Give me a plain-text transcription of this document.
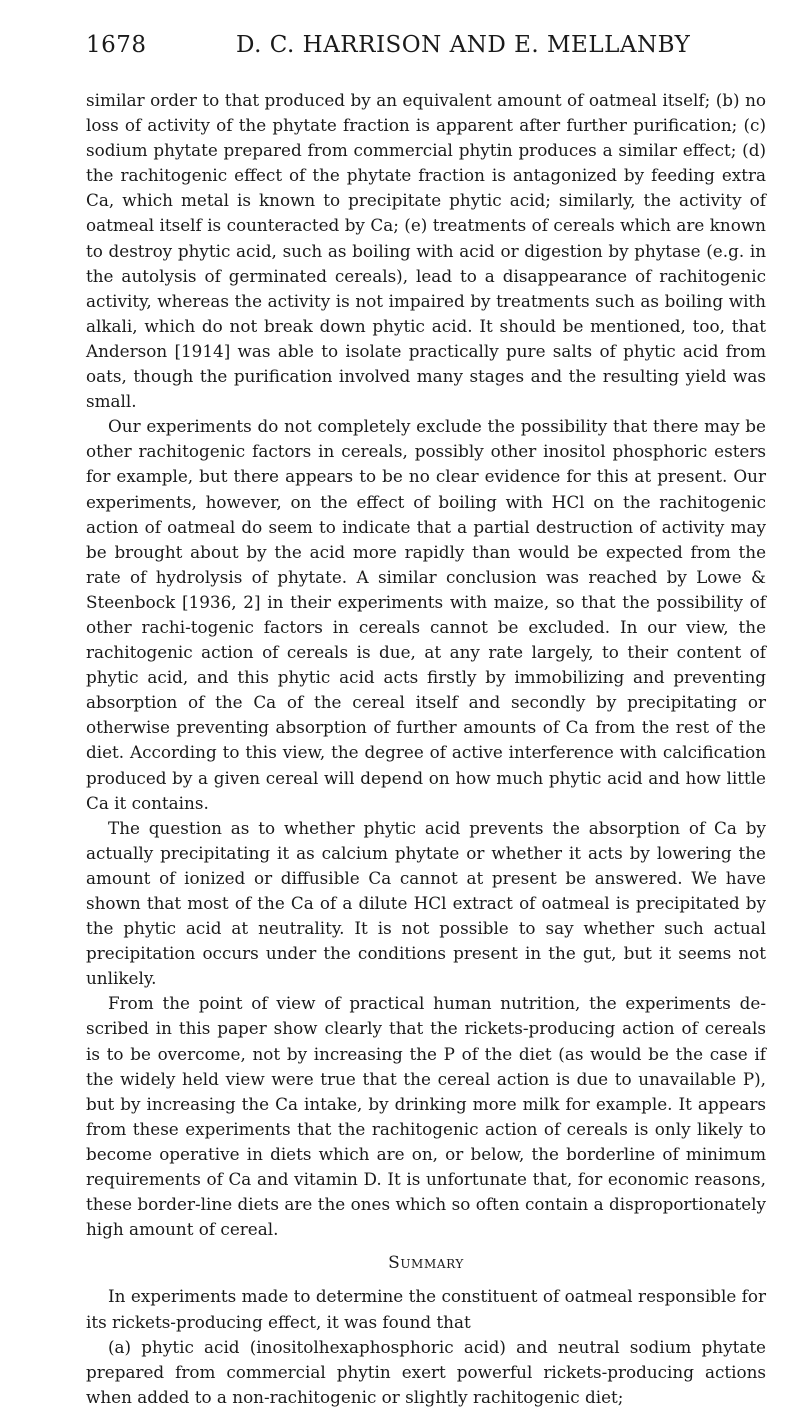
1678	D. C. HARRISON AND E. MELLANBY

similar order to that produced by an equivalent amount of oatmeal itself; (b) no loss of activity of the phytate fraction is apparent after further purification; (c) sodium phytate prepared from commercial phytin produces a similar effect; (d) the rachitogenic effect of the phytate fraction is antagonized by feeding extra Ca, which metal is known to precipitate phytic acid; similarly, the activity of oatmeal itself is counteracted by Ca; (e) treatments of cereals which are known to destroy phytic acid, such as boiling with acid or digestion by phytase (e.g. in the autolysis of germinated cereals), lead to a disappearance of rachitogenic activity, whereas the activity is not impaired by treatments such as boiling with alkali, which do not break down phytic acid. It should be mentioned, too, that Anderson [1914] was able to isolate practically pure salts of phytic acid from oats, though the purification involved many stages and the resulting yield was small.

Our experiments do not completely exclude the possibility that there may be other rachitogenic factors in cereals, possibly other inositol phosphoric esters for example, but there appears to be no clear evidence for this at present. Our experiments, however, on the effect of boiling with HCl on the rachitogenic action of oatmeal do seem to indicate that a partial destruction of activity may be brought about by the acid more rapidly than would be expected from the rate of hydrolysis of phytate. A similar conclusion was reached by Lowe & Steenbock [1936, 2] in their experiments with maize, so that the possibility of other rachi-togenic factors in cereals cannot be excluded. In our view, the rachitogenic action of cereals is due, at any rate largely, to their content of phytic acid, and this phytic acid acts firstly by immobilizing and preventing absorption of the Ca of the cereal itself and secondly by precipitating or otherwise preventing absorption of further amounts of Ca from the rest of the diet. According to this view, the degree of active interference with calcification produced by a given cereal will depend on how much phytic acid and how little Ca it contains.

The question as to whether phytic acid prevents the absorption of Ca by actually precipitating it as calcium phytate or whether it acts by lowering the amount of ionized or diffusible Ca cannot at present be answered. We have shown that most of the Ca of a dilute HCl extract of oatmeal is precipitated by the phytic acid at neutrality. It is not possible to say whether such actual precipitation occurs under the conditions present in the gut, but it seems not unlikely.

From the point of view of practical human nutrition, the experiments de-scribed in this paper show clearly that the rickets-producing action of cereals is to be overcome, not by increasing the P of the diet (as would be the case if the widely held view were true that the cereal action is due to unavailable P), but by increasing the Ca intake, by drinking more milk for example. It appears from these experiments that the rachitogenic action of cereals is only likely to become operative in diets which are on, or below, the borderline of minimum requirements of Ca and vitamin D. It is unfortunate that, for economic reasons, these border-line diets are the ones which so often contain a disproportionately high amount of cereal.

Summary

In experiments made to determine the constituent of oatmeal responsible for its rickets-producing effect, it was found that

(a) phytic acid (inositolhexaphosphoric acid) and neutral sodium phytate prepared from commercial phytin exert powerful rickets-producing actions when added to a non-rachitogenic or slightly rachitogenic diet;
